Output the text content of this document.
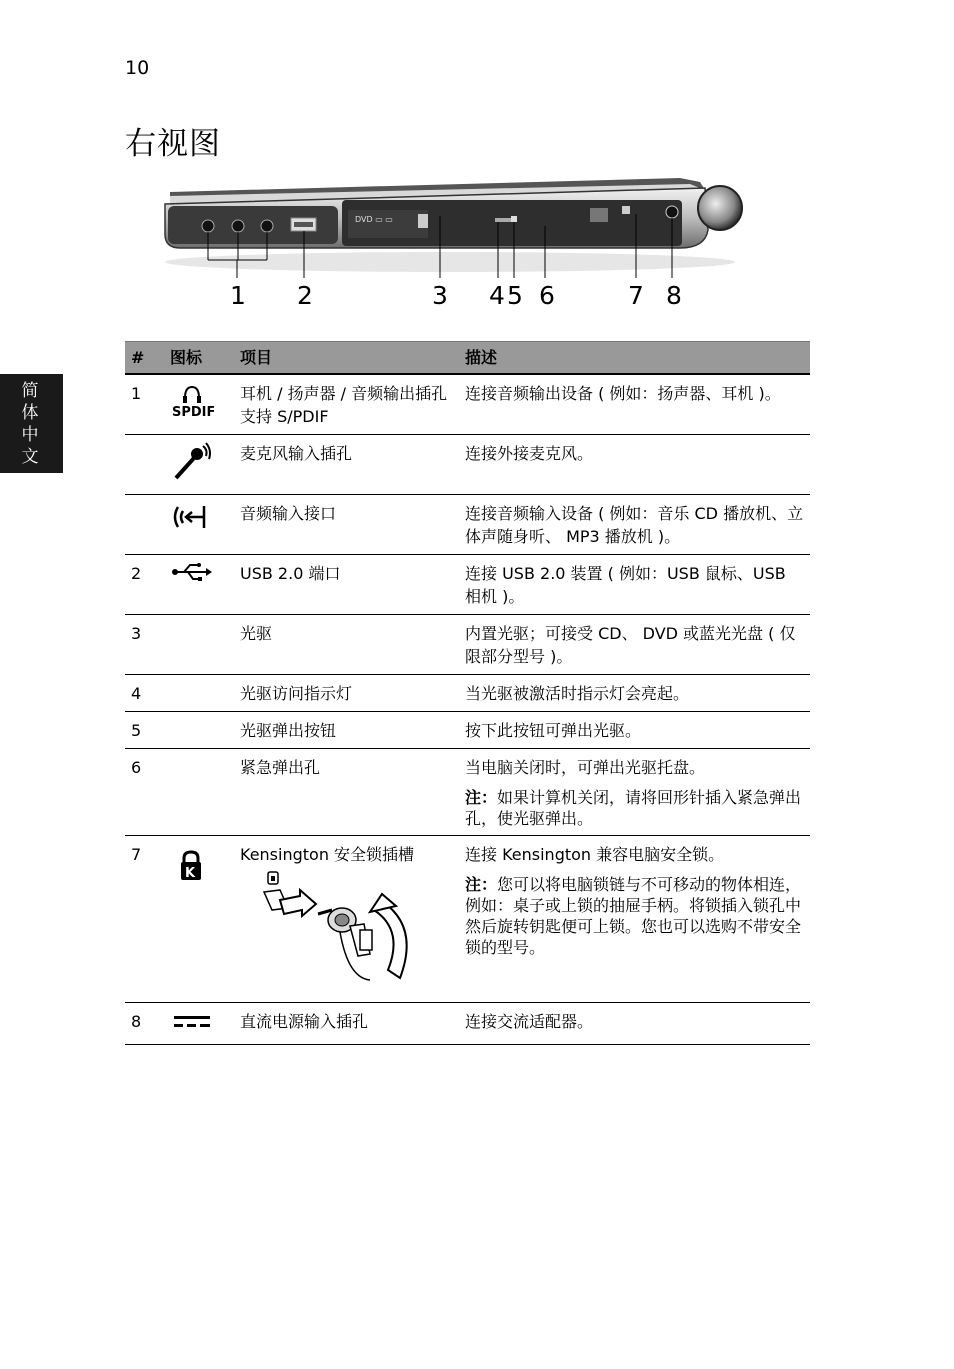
10
简体中文
右视图
DVD ▭ ▭
1 2	3 4 5 6	7 8
#	图标	项目	描述
1	SPDIF	耳机 / 扬声器 / 音频输出插孔支持 S/PDIF	连接音频输出设备 ( 例如：扬声器、耳机 )。
		麦克风输入插孔	连接外接麦克风。
		音频输入接口	连接音频输入设备 ( 例如：音乐 CD 播放机、立体声随身听、 MP3 播放机 )。
2		USB 2.0 端口	连接 USB 2.0 装置 ( 例如：USB 鼠标、USB 相机 )。
3		光驱	内置光驱；可接受 CD、 DVD 或蓝光光盘 ( 仅限部分型号 )。
4		光驱访问指示灯	当光驱被激活时指示灯会亮起。
5		光驱弹出按钮	按下此按钮可弹出光驱。
6		紧急弹出孔	当电脑关闭时，可弹出光驱托盘。
注：如果计算机关闭，请将回形针插入紧急弹出孔，使光驱弹出。

7	K	Kensington 安全锁插槽	连接 Kensington 兼容电脑安全锁。
注：您可以将电脑锁链与不可移动的物体相连，例如：桌子或上锁的抽屉手柄。将锁插入锁孔中然后旋转钥匙便可上锁。您也可以选购不带安全锁的型号。

8		直流电源输入插孔	连接交流适配器。
